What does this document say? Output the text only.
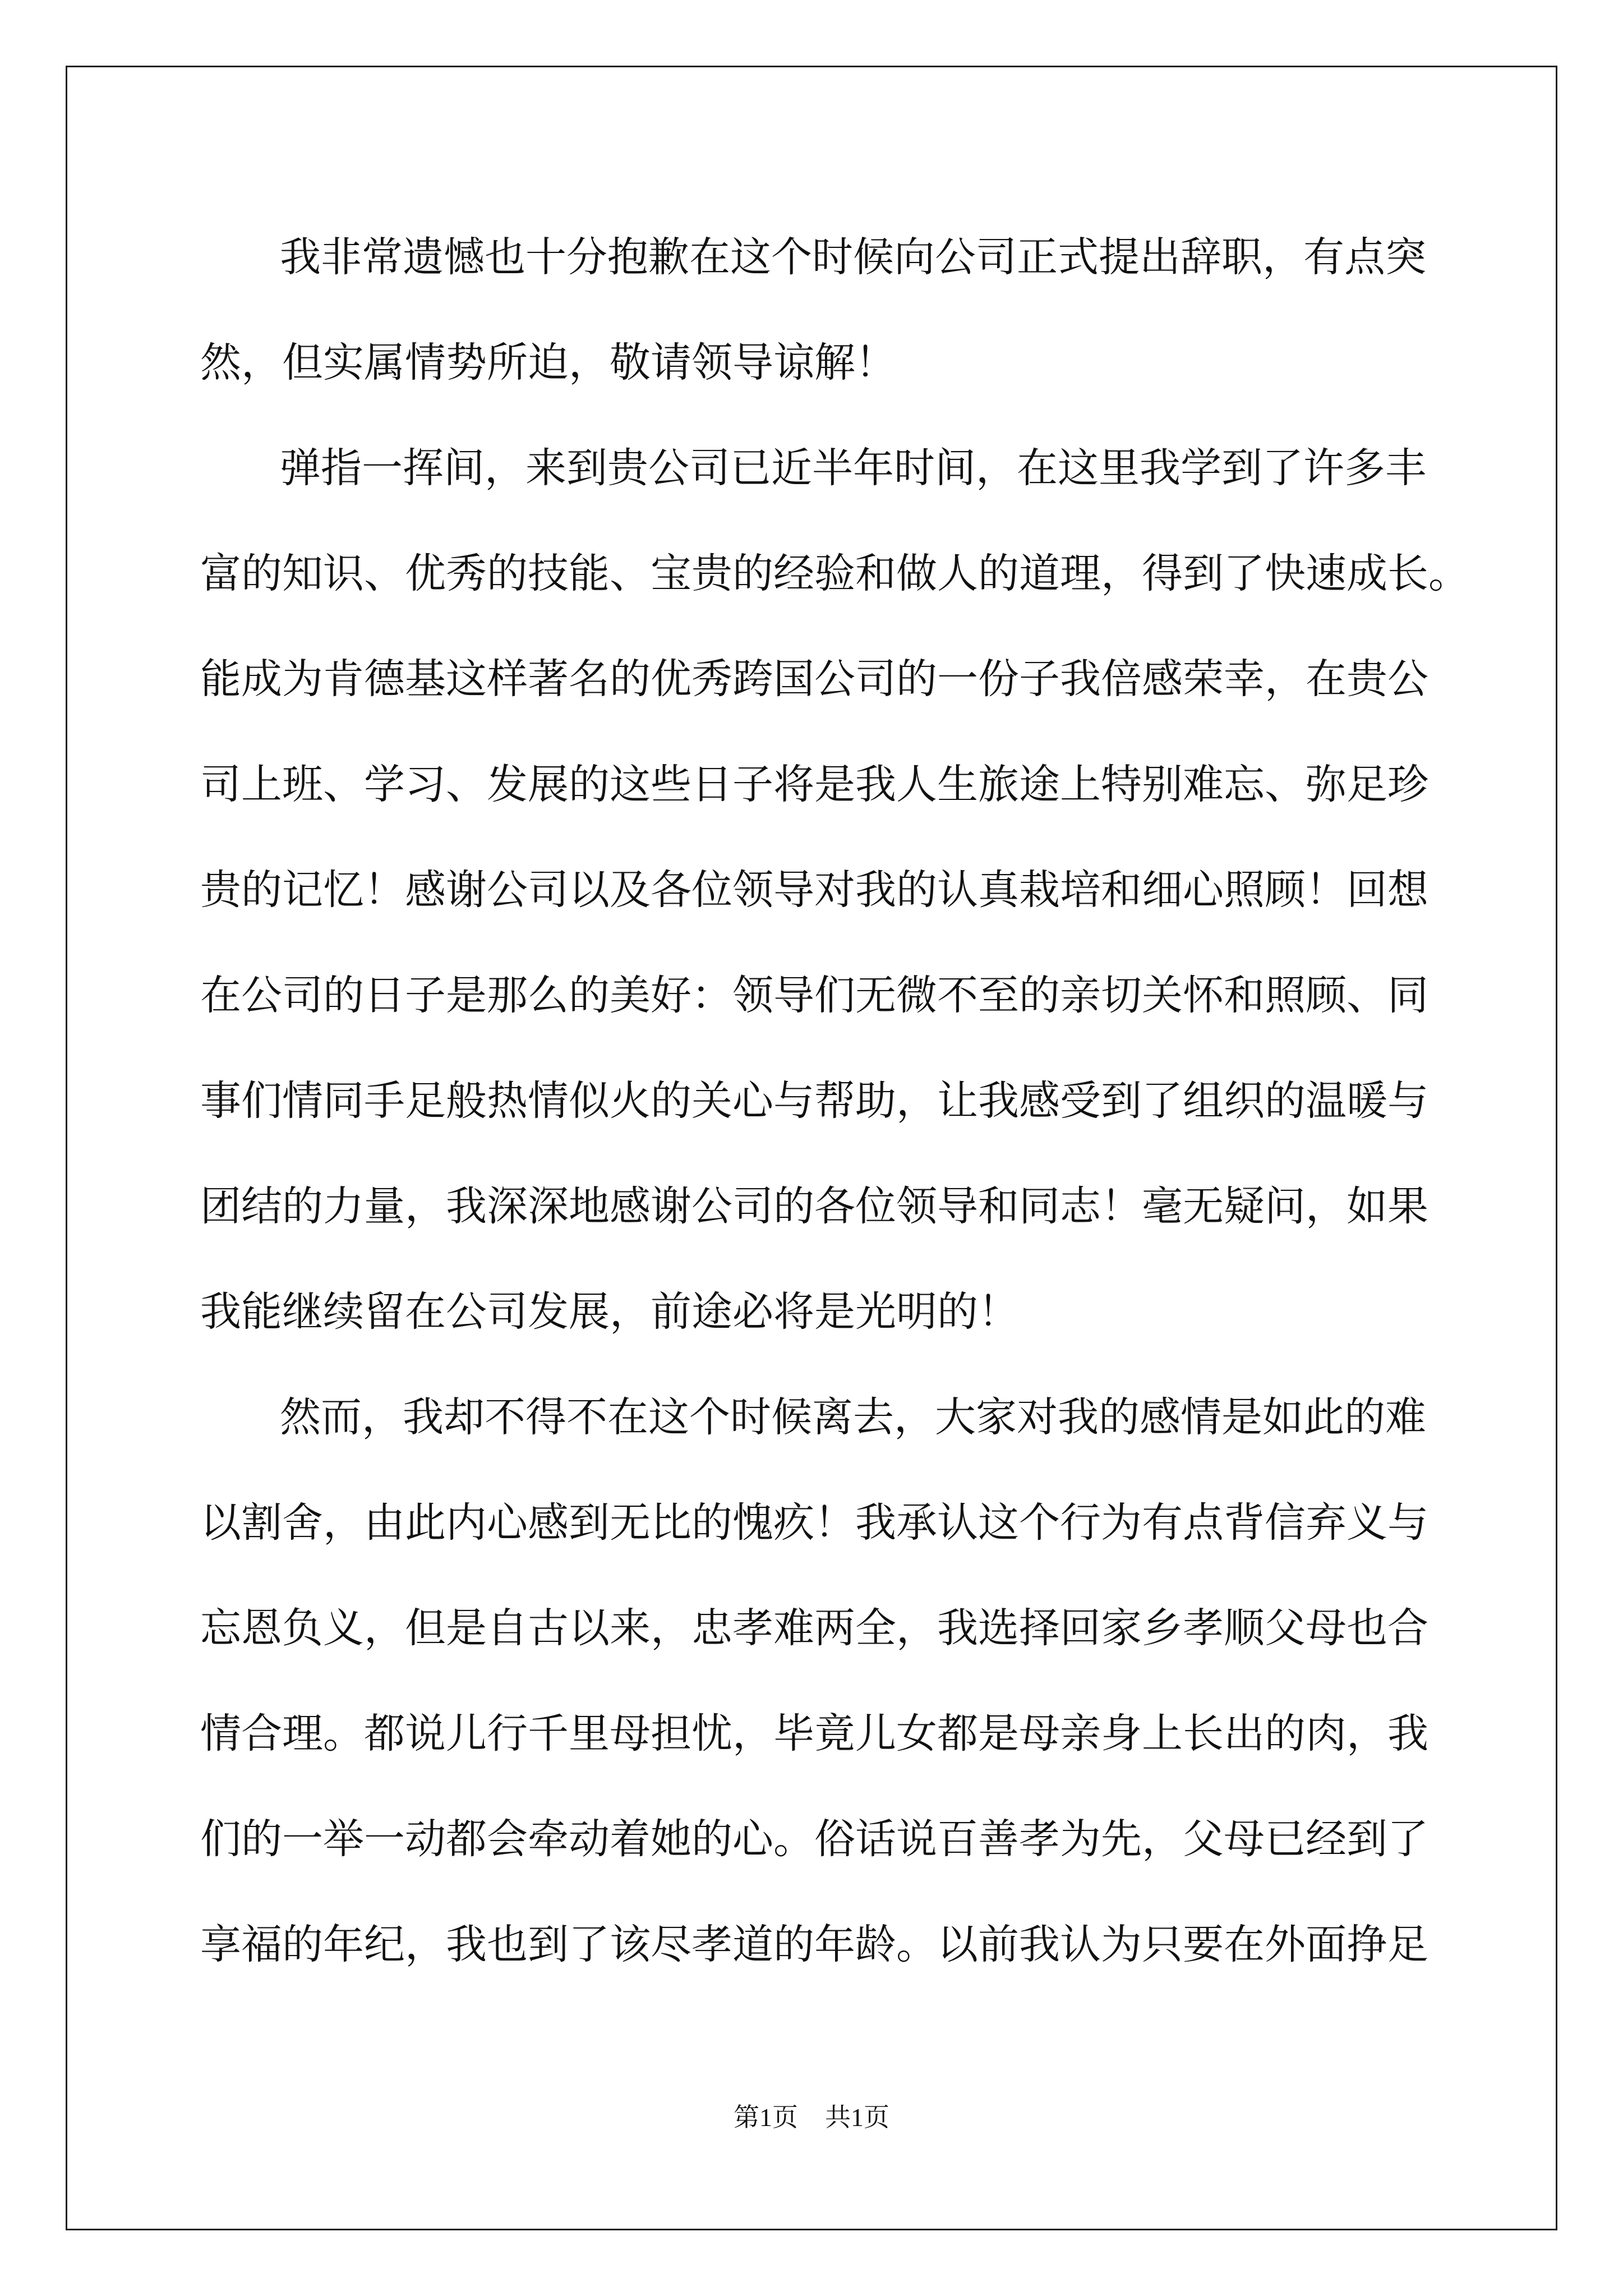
我非常遗憾也十分抱歉在这个时候向公司正式提出辞职，有点突
然，但实属情势所迫，敬请领导谅解！
弹指一挥间，来到贵公司已近半年时间，在这里我学到了许多丰
富的知识、优秀的技能、宝贵的经验和做人的道理，得到了快速成长。
能成为肯德基这样著名的优秀跨国公司的一份子我倍感荣幸，在贵公
司上班、学习、发展的这些日子将是我人生旅途上特别难忘、弥足珍
贵的记忆！感谢公司以及各位领导对我的认真栽培和细心照顾！回想
在公司的日子是那么的美好：领导们无微不至的亲切关怀和照顾、同
事们情同手足般热情似火的关心与帮助，让我感受到了组织的温暖与
团结的力量，我深深地感谢公司的各位领导和同志！毫无疑问，如果
我能继续留在公司发展，前途必将是光明的！
然而，我却不得不在这个时候离去，大家对我的感情是如此的难
以割舍，由此内心感到无比的愧疚！我承认这个行为有点背信弃义与
忘恩负义，但是自古以来，忠孝难两全，我选择回家乡孝顺父母也合
情合理。都说儿行千里母担忧，毕竟儿女都是母亲身上长出的肉，我
们的一举一动都会牵动着她的心。俗话说百善孝为先，父母已经到了
享福的年纪，我也到了该尽孝道的年龄。以前我认为只要在外面挣足
第1页 共1页
